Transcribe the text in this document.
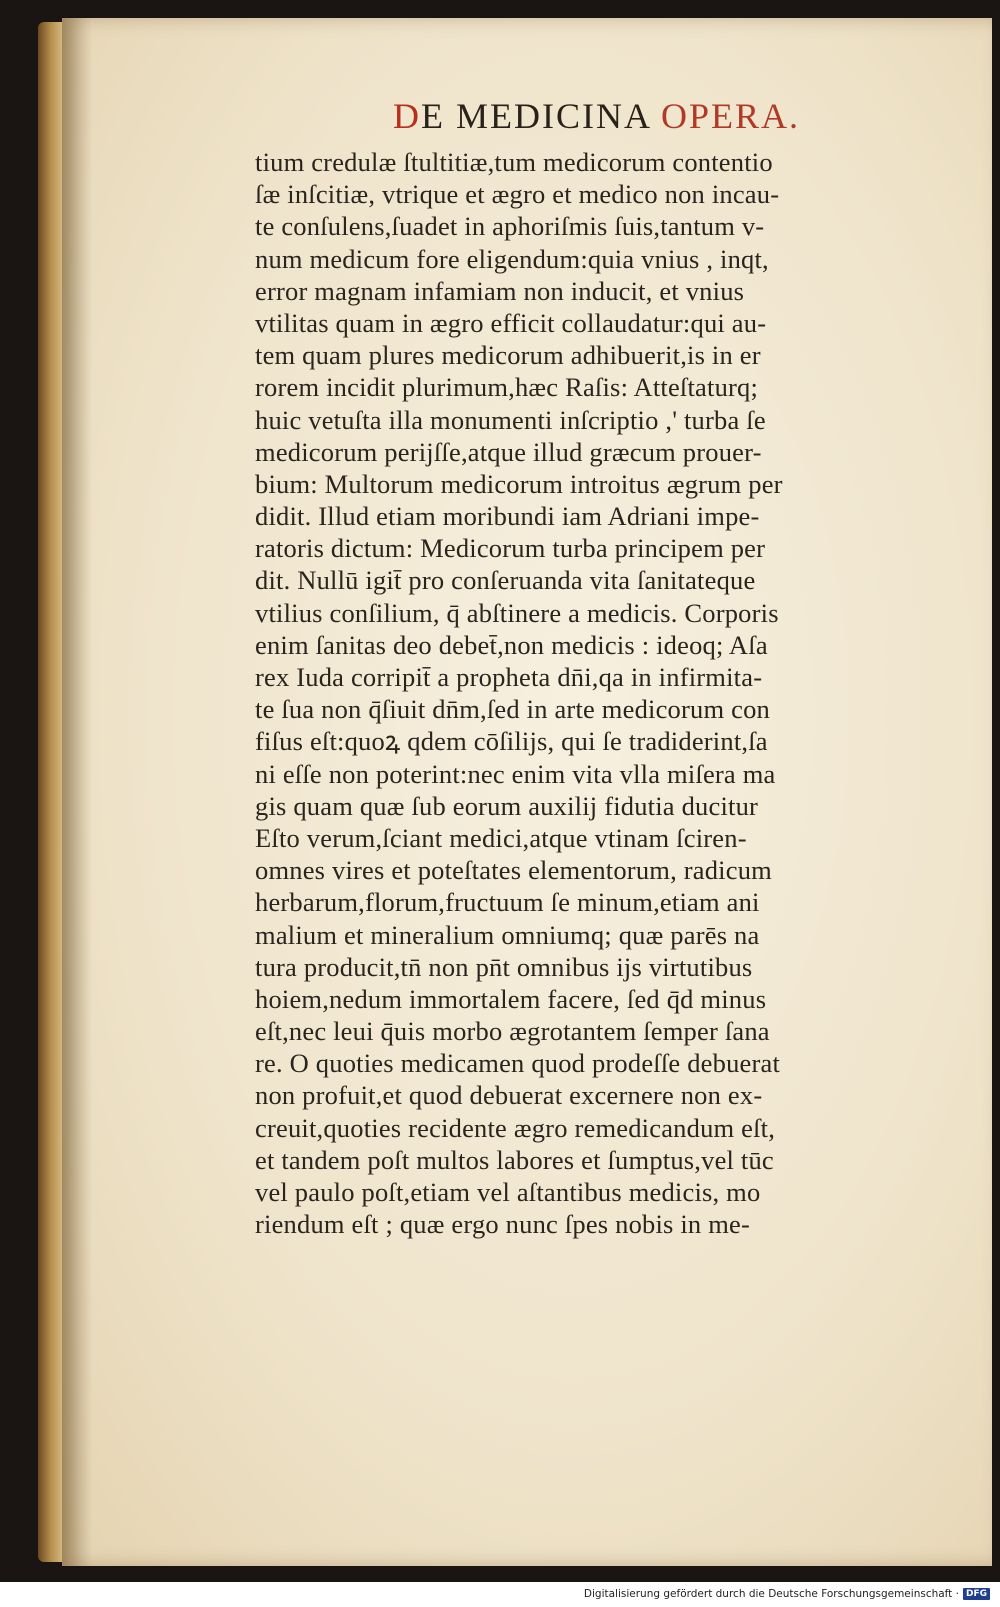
DE MEDICINA OPERA.
tium credulæ ſtultitiæ,tum medicorum contentio
ſæ inſcitiæ, vtrique et ægro et medico non incau-
te conſulens,ſuadet in aphoriſmis ſuis,tantum v-
num medicum fore eligendum:quia vnius , inqt,
error magnam infamiam non inducit, et vnius
vtilitas quam in ægro efficit collaudatur:qui au-
tem quam plures medicorum adhibuerit,is in er
rorem incidit plurimum,hæc Raſis: Atteſtaturq;
huic vetuſta illa monumenti inſcriptio ,' turba ſe
medicorum perijſſe,atque illud græcum prouer-
bium: Multorum medicorum introitus ægrum per
didit. Illud etiam moribundi iam Adriani impe-
ratoris dictum: Medicorum turba principem per
dit. Nullū igit̄ pro conſeruanda vita ſanitateque
vtilius conſilium, q̄ abſtinere a medicis. Corporis
enim ſanitas deo debet̄,non medicis : ideoq; Aſa
rex Iuda corripit̄ a propheta dn̄i,qa in infirmita-
te ſua non q̄ſiuit dn̄m,ſed in arte medicorum con
fiſus eſt:quoꝝ qdem cōſilijs, qui ſe tradiderint,ſa
ni eſſe non poterint:nec enim vita vlla miſera ma
gis quam quæ ſub eorum auxilij fidutia ducitur
Eſto verum,ſciant medici,atque vtinam ſciren-
omnes vires et poteſtates elementorum, radicum
herbarum,florum,fructuum ſe minum,etiam ani
malium et mineralium omniumq; quæ parēs na
tura producit,tn̄ non pn̄t omnibus ijs virtutibus
hoiem,nedum immortalem facere, ſed q̄d minus
eſt,nec leui q̄uis morbo ægrotantem ſemper ſana
re. O quoties medicamen quod prodeſſe debuerat
non profuit,et quod debuerat excernere non ex-
creuit,quoties recidente ægro remedicandum eſt,
et tandem poſt multos labores et ſumptus,vel tūc
vel paulo poſt,etiam vel aſtantibus medicis, mo
riendum eſt ; quæ ergo nunc ſpes nobis in me-
Digitalisierung gefördert durch die Deutsche Forschungsgemeinschaft · DFG
